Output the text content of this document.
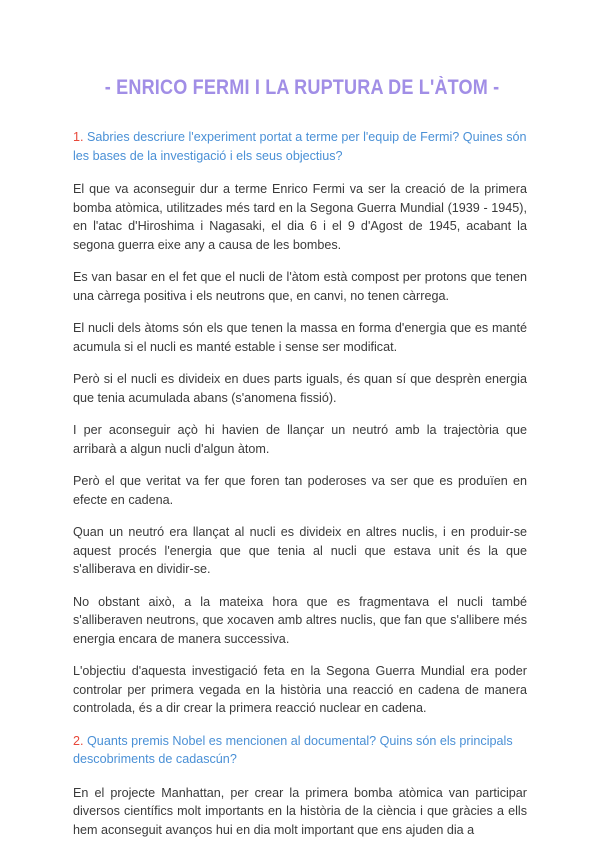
- ENRICO FERMI I LA RUPTURA DE L'ÀTOM -

1. Sabries descriure l'experiment portat a terme per l'equip de Fermi? Quines són les bases de la investigació i els seus objectius?

El que va aconseguir dur a terme Enrico Fermi va ser la creació de la primera bomba atòmica, utilitzades més tard en la Segona Guerra Mundial (1939 - 1945), en l'atac d'Hiroshima i Nagasaki, el dia 6 i el 9 d'Agost de 1945, acabant la segona guerra eixe any a causa de les bombes.

Es van basar en el fet que el nucli de l'àtom està compost per protons que tenen una càrrega positiva i els neutrons que, en canvi, no tenen càrrega.

El nucli dels àtoms són els que tenen la massa en forma d'energia que es manté acumula si el nucli es manté estable i sense ser modificat.

Però si el nucli es divideix en dues parts iguals, és quan sí que desprèn energia que tenia acumulada abans (s'anomena fissió).

I per aconseguir açò hi havien de llançar un neutró amb la trajectòria que arribarà a algun nucli d'algun àtom.

Però el que veritat va fer que foren tan poderoses va ser que es produïen en efecte en cadena.

Quan un neutró era llançat al nucli es divideix en altres nuclis, i en produir-se aquest procés l'energia que que tenia al nucli que estava unit és la que s'alliberava en dividir-se.

No obstant això, a la mateixa hora que es fragmentava el nucli també s'alliberaven neutrons, que xocaven amb altres nuclis, que fan que s'allibere més energia encara de manera successiva.

L'objectiu d'aquesta investigació feta en la Segona Guerra Mundial era poder controlar per primera vegada en la història una reacció en cadena de manera controlada, és a dir crear la primera reacció nuclear en cadena.

2. Quants premis Nobel es mencionen al documental? Quins són els principals descobriments de cadascún?

En el projecte Manhattan, per crear la primera bomba atòmica van participar diversos científics molt importants en la història de la ciència i que gràcies a ells hem aconseguit avanços hui en dia molt important que ens ajuden dia a
